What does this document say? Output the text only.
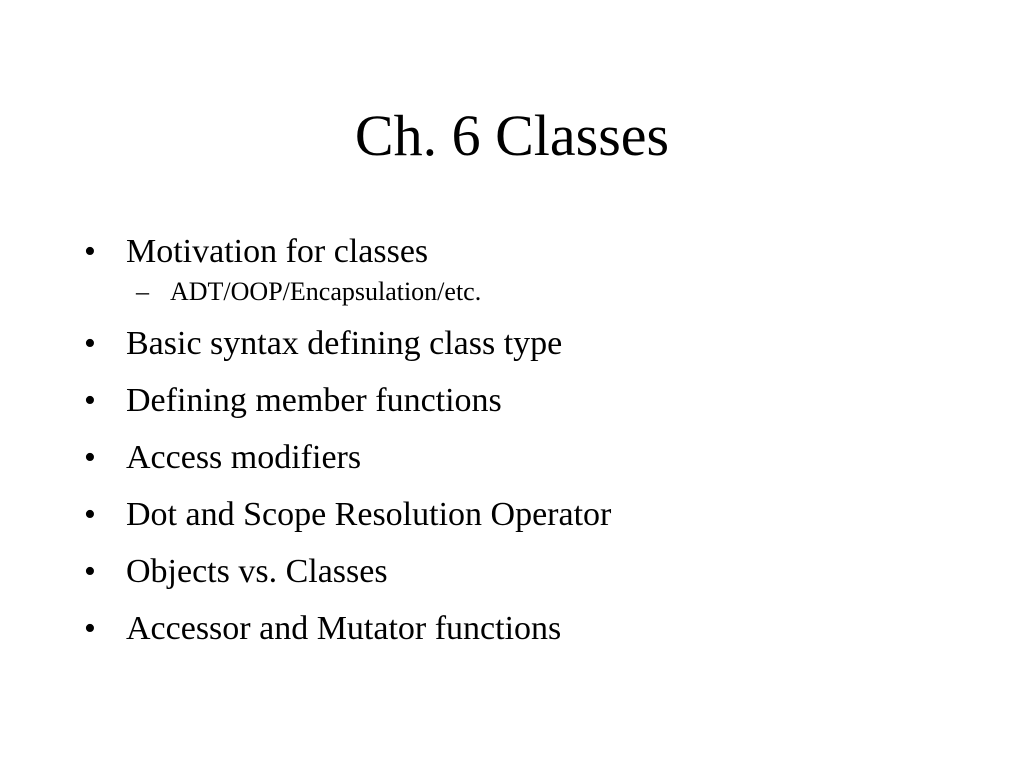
Ch. 6 Classes
• Motivation for classes
– ADT/OOP/Encapsulation/etc.
• Basic syntax defining class type
• Defining member functions
• Access modifiers
• Dot and Scope Resolution Operator
• Objects vs. Classes
• Accessor and Mutator functions
